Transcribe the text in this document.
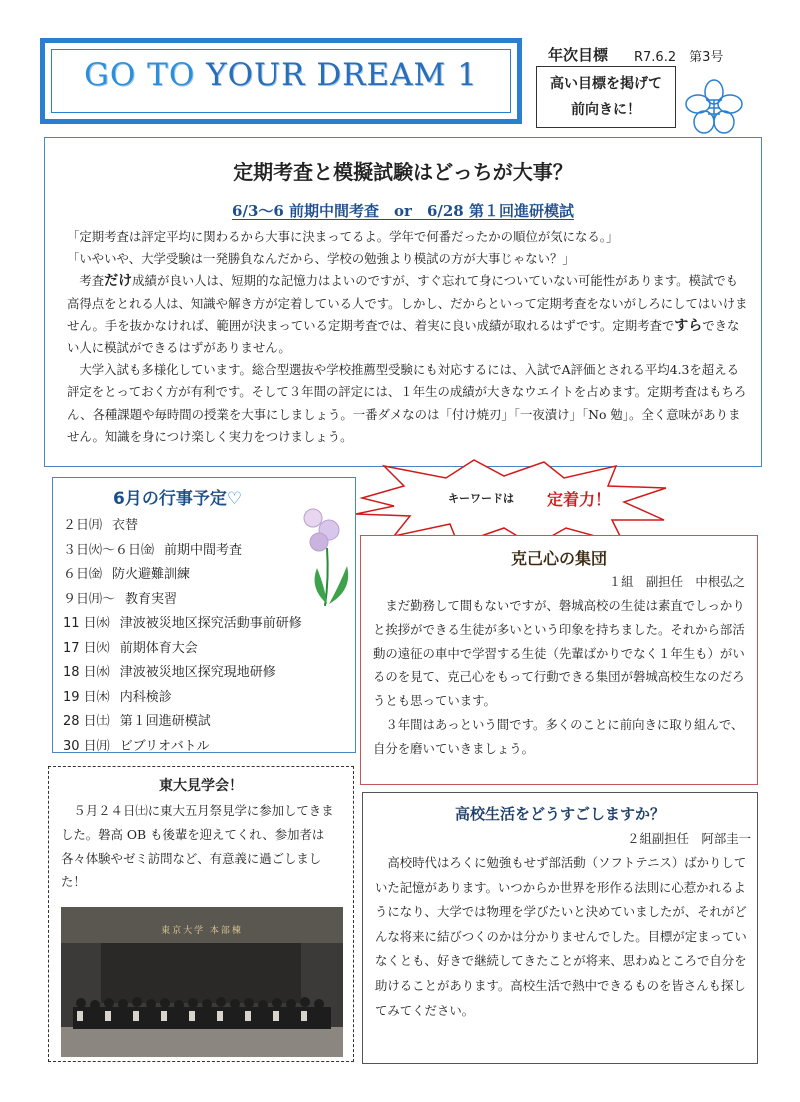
GO TO YOUR DREAM 1
年次目標 R7.6.2　 第3号
高い目標を掲げて
前向きに！
定期考査と模擬試験はどっちが大事？
6/3～6 前期中間考査　or　6/28 第１回進研模試

「定期考査は評定平均に関わるから大事に決まってるよ。学年で何番だったかの順位が気になる。」

「いやいや、大学受験は一発勝負なんだから、学校の勉強より模試の方が大事じゃない？」

考査だけ成績が良い人は、短期的な記憶力はよいのですが、すぐ忘れて身についていない可能性があります。模試でも高得点をとれる人は、知識や解き方が定着している人です。しかし、だからといって定期考査をないがしろにしてはいけません。手を抜かなければ、範囲が決まっている定期考査では、着実に良い成績が取れるはずです。定期考査ですらできない人に模試ができるはずがありません。

大学入試も多様化しています。総合型選抜や学校推薦型受験にも対応するには、入試でA評価とされる平均4.3を超える評定をとっておく方が有利です。そして３年間の評定には、１年生の成績が大きなウエイトを占めます。定期考査はもちろん、各種課題や毎時間の授業を大事にしましょう。一番ダメなのは「付け焼刃」「一夜漬け」「No 勉」。全く意味がありません。知識を身につけ楽しく実力をつけましょう。

6月の行事予定♡
２日㈪ 衣替
３日㈫～６日㈮ 前期中間考査
６日㈮ 防火避難訓練
９日㈪～ 教育実習
11 日㈬ 津波被災地区探究活動事前研修
17 日㈫ 前期体育大会
18 日㈬ 津波被災地区探究現地研修
19 日㈭ 内科検診
28 日㈯ 第１回進研模試
30 日㈪ ビブリオバトル
キーワードは 定着力！
克己心の集団
１組　副担任　中根弘之

まだ勤務して間もないですが、磐城高校の生徒は素直でしっかりと挨拶ができる生徒が多いという印象を持ちました。それから部活動の遠征の車中で学習する生徒（先輩ばかりでなく１年生も）がいるのを見て、克己心をもって行動できる集団が磐城高校生なのだろうとも思っています。

３年間はあっという間です。多くのことに前向きに取り組んで、自分を磨いていきましょう。

東大見学会！

５月２４日㈯に東大五月祭見学に参加してきました。磐高 OB も後輩を迎えてくれ、参加者は各々体験やゼミ訪問など、有意義に過ごしました！

東京大学 本部棟
高校生活をどうすごしますか？
２組副担任　阿部圭一

高校時代はろくに勉強もせず部活動（ソフトテニス）ばかりしていた記憶があります。いつからか世界を形作る法則に心惹かれるようになり、大学では物理を学びたいと決めていましたが、それがどんな将来に結びつくのかは分かりませんでした。目標が定まっていなくとも、好きで継続してきたことが将来、思わぬところで自分を助けることがあります。高校生活で熱中できるものを皆さんも探してみてください。
